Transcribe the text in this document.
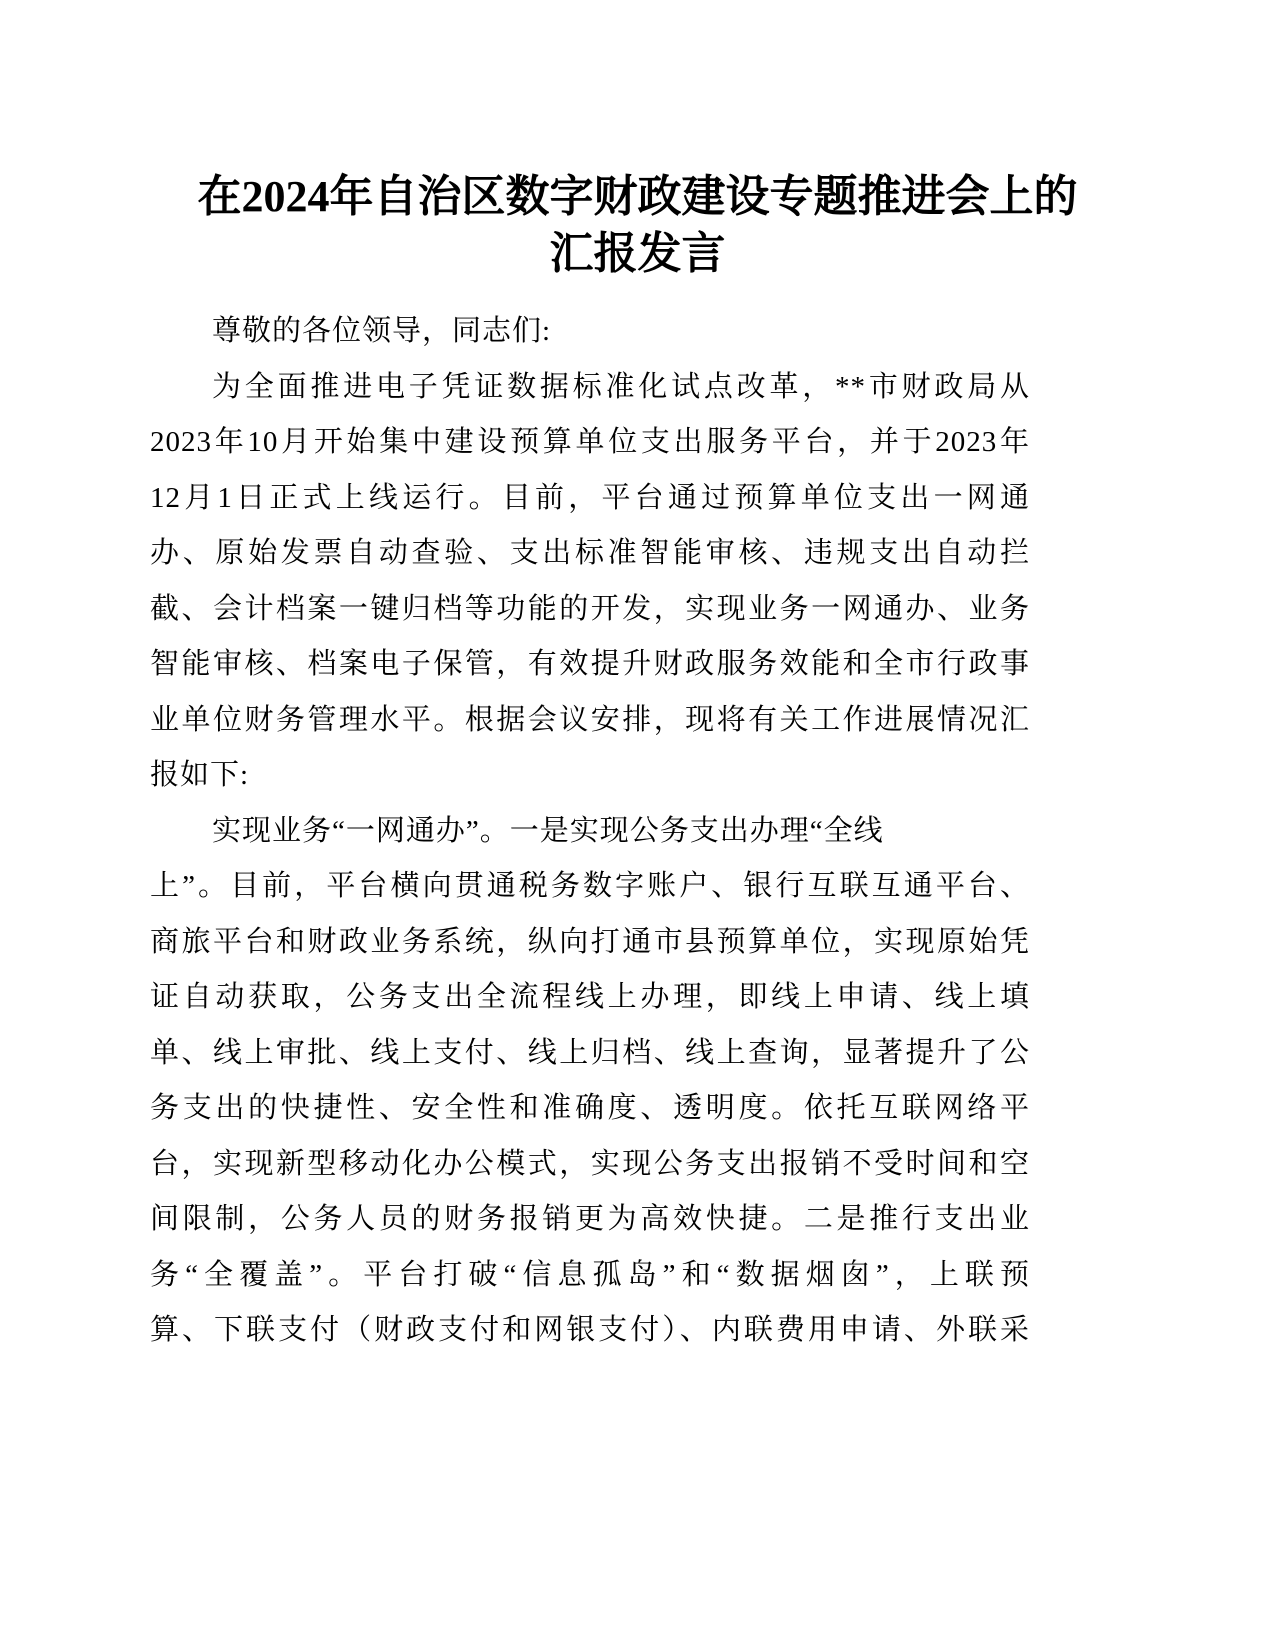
在2024年自治区数字财政建设专题推进会上的
汇报发言
尊敬的各位领导，同志们:
为全面推进电子凭证数据标准化试点改革，**市财政局从
2023年10月开始集中建设预算单位支出服务平台，并于2023年
12月1日正式上线运行。目前，平台通过预算单位支出一网通
办、原始发票自动查验、支出标准智能审核、违规支出自动拦
截、会计档案一键归档等功能的开发，实现业务一网通办、业务
智能审核、档案电子保管，有效提升财政服务效能和全市行政事
业单位财务管理水平。根据会议安排，现将有关工作进展情况汇
报如下:
实现业务“一网通办”。一是实现公务支出办理“全线
上”。目前，平台横向贯通税务数字账户、银行互联互通平台、
商旅平台和财政业务系统，纵向打通市县预算单位，实现原始凭
证自动获取，公务支出全流程线上办理，即线上申请、线上填
单、线上审批、线上支付、线上归档、线上查询，显著提升了公
务支出的快捷性、安全性和准确度、透明度。依托互联网络平
台，实现新型移动化办公模式，实现公务支出报销不受时间和空
间限制，公务人员的财务报销更为高效快捷。二是推行支出业
务“全覆盖”。平台打破“信息孤岛”和“数据烟囱”，上联预
算、下联支付（财政支付和网银支付）、内联费用申请、外联采
